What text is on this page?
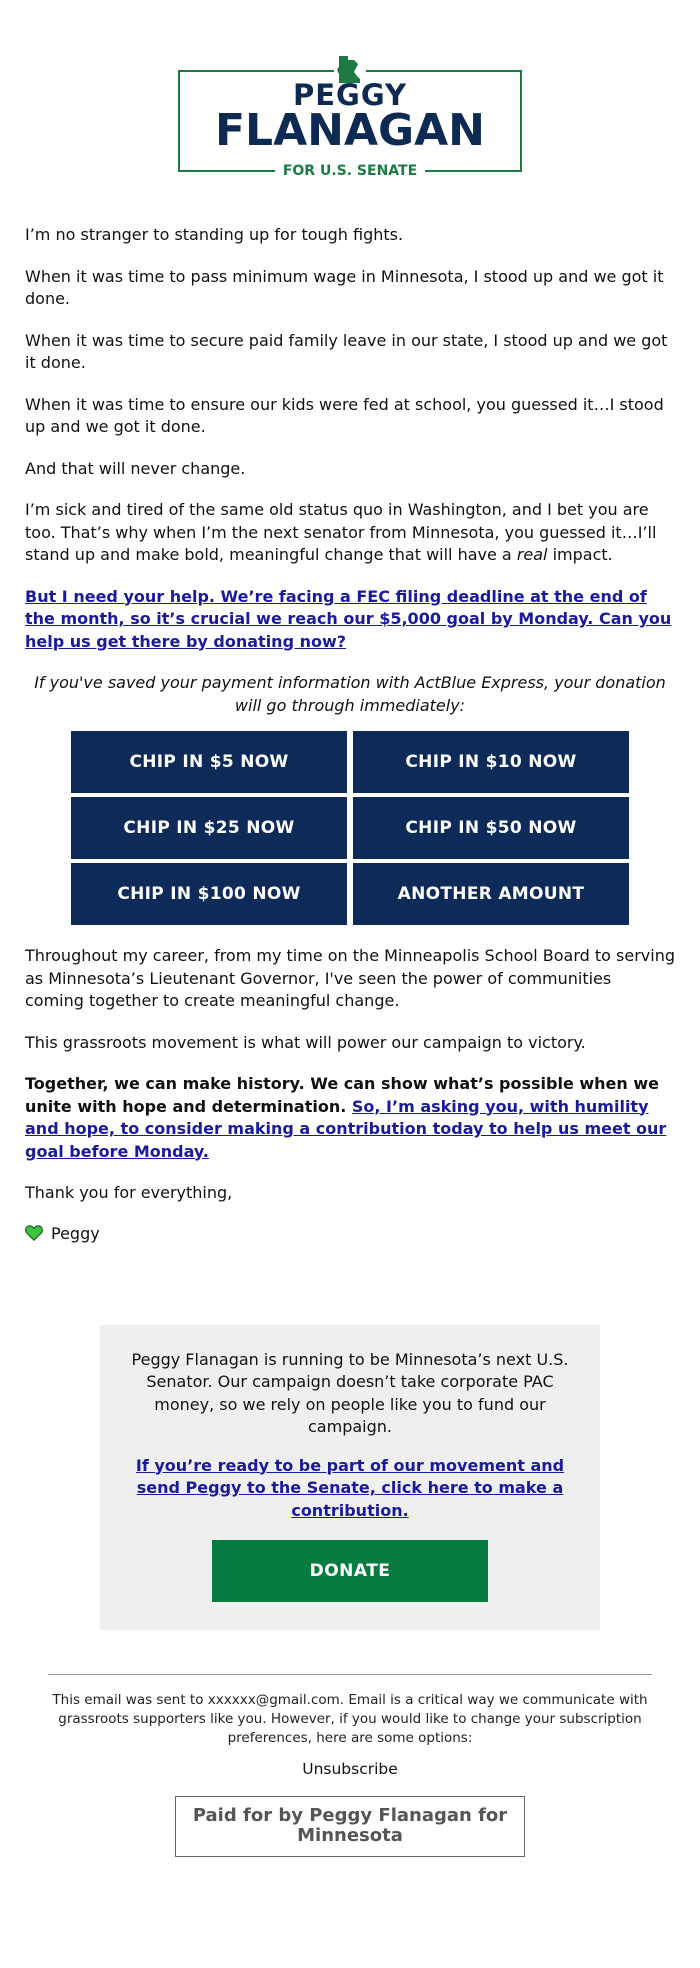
PEGGY
FLANAGAN
FOR U.S. SENATE

I’m no stranger to standing up for tough fights.

When it was time to pass minimum wage in Minnesota, I stood up and we got it done.

When it was time to secure paid family leave in our state, I stood up and we got it done.

When it was time to ensure our kids were fed at school, you guessed it…I stood up and we got it done.

And that will never change.

I’m sick and tired of the same old status quo in Washington, and I bet you are too. That’s why when I’m the next senator from Minnesota, you guessed it…I’ll stand up and make bold, meaningful change that will have a real impact.

But I need your help. We’re facing a FEC filing deadline at the end of the month, so it’s crucial we reach our $5,000 goal by Monday. Can you help us get there by donating now?

If you've saved your payment information with ActBlue Express, your donation will go through immediately:

CHIP IN $5 NOW	CHIP IN $10 NOW
CHIP IN $25 NOW	CHIP IN $50 NOW
CHIP IN $100 NOW	ANOTHER AMOUNT

Throughout my career, from my time on the Minneapolis School Board to serving as Minnesota’s Lieutenant Governor, I've seen the power of communities coming together to create meaningful change.

This grassroots movement is what will power our campaign to victory.

Together, we can make history. We can show what’s possible when we unite with hope and determination. So, I’m asking you, with humility and hope, to consider making a contribution today to help us meet our goal before Monday.

Thank you for everything,

Peggy

Peggy Flanagan is running to be Minnesota’s next U.S. Senator. Our campaign doesn’t take corporate PAC money, so we rely on people like you to fund our campaign.

If you’re ready to be part of our movement and send Peggy to the Senate, click here to make a contribution.

DONATE
This email was sent to xxxxxx@gmail.com. Email is a critical way we communicate with grassroots supporters like you. However, if you would like to change your subscription preferences, here are some options:
Unsubscribe
Paid for by Peggy Flanagan for Minnesota
